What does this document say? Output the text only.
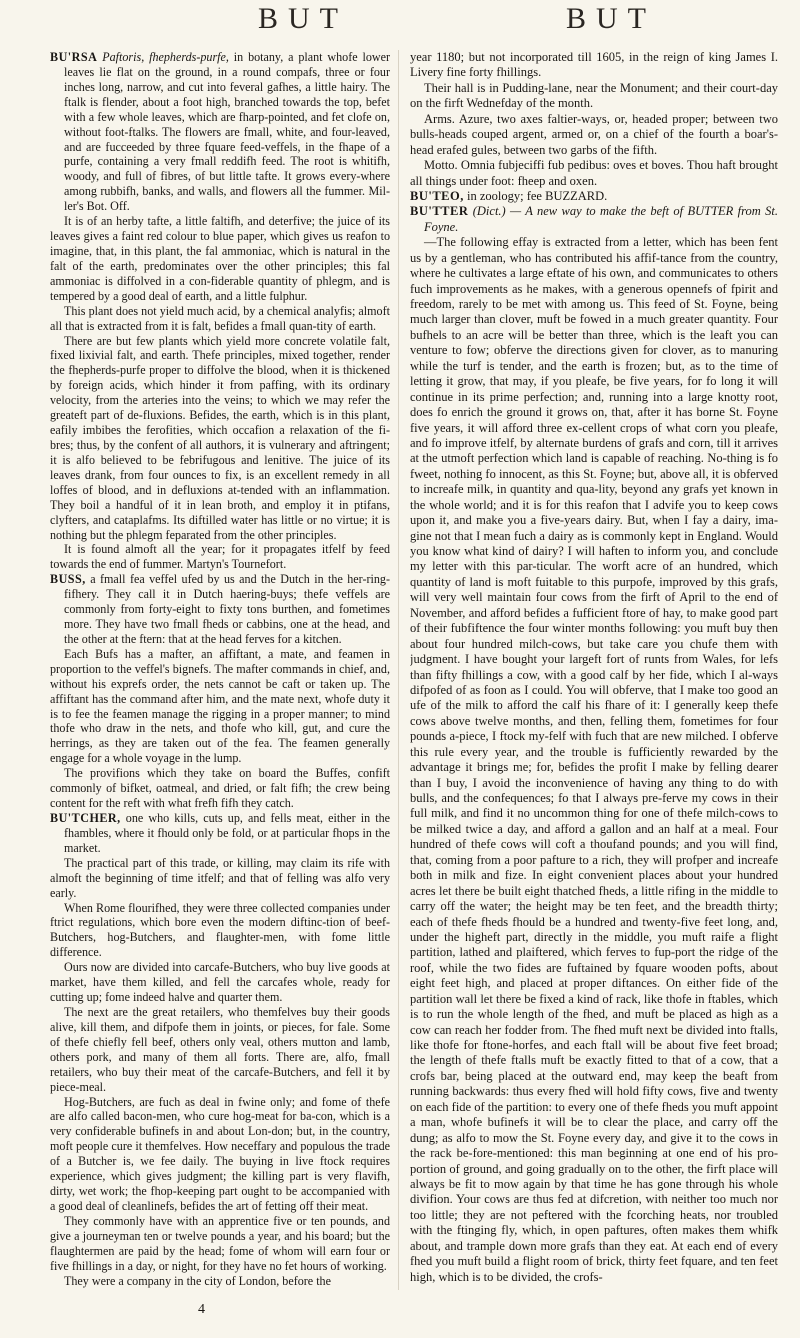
BUT	BUT

BU'RSA Paftoris, fhepherds-purfe, in botany, a plant whofe lower leaves lie flat on the ground, in a round compafs, three or four inches long, narrow, and cut into feveral gafhes, a little hairy. The ftalk is flender, about a foot high, branched towards the top, befet with a few whole leaves, which are fharp-pointed, and fet clofe on, without foot-ftalks. The flowers are fmall, white, and four-leaved, and are fucceeded by three fquare feed-veffels, in the fhape of a purfe, containing a very fmall reddifh feed. The root is whitifh, woody, and full of fibres, of but little tafte. It grows every-where among rubbifh, banks, and walls, and flowers all the fummer. Mil-ler's Bot. Off.

It is of an herby tafte, a little faltifh, and deterfive; the juice of its leaves gives a faint red colour to blue paper, which gives us reafon to imagine, that, in this plant, the fal ammoniac, which is natural in the falt of the earth, predominates over the other principles; this fal ammoniac is diffolved in a con-fiderable quantity of phlegm, and is tempered by a good deal of earth, and a little fulphur.

This plant does not yield much acid, by a chemical analyfis; almoft all that is extracted from it is falt, befides a fmall quan-tity of earth.

There are but few plants which yield more concrete volatile falt, fixed lixivial falt, and earth. Thefe principles, mixed together, render the fhepherds-purfe proper to diffolve the blood, when it is thickened by foreign acids, which hinder it from paffing, with its ordinary velocity, from the arteries into the veins; to which we may refer the greateft part of de-fluxions. Befides, the earth, which is in this plant, eafily imbibes the ferofities, which occafion a relaxation of the fi-bres; thus, by the confent of all authors, it is vulnerary and aftringent; it is alfo believed to be febrifugous and lenitive. The juice of its leaves drank, from four ounces to fix, is an excellent remedy in all loffes of blood, and in defluxions at-tended with an inflammation. They boil a handful of it in lean broth, and employ it in ptifans, clyfters, and cataplafms. Its diftilled water has little or no virtue; it is nothing but the phlegm feparated from the other principles.

It is found almoft all the year; for it propagates itfelf by feed towards the end of fummer. Martyn's Tournefort.

BUSS, a fmall fea veffel ufed by us and the Dutch in the her-ring-fifhery. They call it in Dutch haering-buys; thefe veffels are commonly from forty-eight to fixty tons burthen, and fometimes more. They have two fmall fheds or cabbins, one at the head, and the other at the ftern: that at the head ferves for a kitchen.

Each Bufs has a mafter, an affiftant, a mate, and feamen in proportion to the veffel's bignefs. The mafter commands in chief, and, without his exprefs order, the nets cannot be caft or taken up. The affiftant has the command after him, and the mate next, whofe duty it is to fee the feamen manage the rigging in a proper manner; to mind thofe who draw in the nets, and thofe who kill, gut, and cure the herrings, as they are taken out of the fea. The feamen generally engage for a whole voyage in the lump.

The provifions which they take on board the Buffes, confift commonly of bifket, oatmeal, and dried, or falt fifh; the crew being content for the reft with what frefh fifh they catch.

BU'TCHER, one who kills, cuts up, and fells meat, either in the fhambles, where it fhould only be fold, or at particular fhops in the market.

The practical part of this trade, or killing, may claim its rife with almoft the beginning of time itfelf; and that of felling was alfo very early.

When Rome flourifhed, they were three collected companies under ftrict regulations, which bore even the modern diftinc-tion of beef-Butchers, hog-Butchers, and flaughter-men, with fome little difference.

Ours now are divided into carcafe-Butchers, who buy live goods at market, have them killed, and fell the carcafes whole, ready for cutting up; fome indeed halve and quarter them.

The next are the great retailers, who themfelves buy their goods alive, kill them, and difpofe them in joints, or pieces, for fale. Some of thefe chiefly fell beef, others only veal, others mutton and lamb, others pork, and many of them all forts. There are, alfo, fmall retailers, who buy their meat of the carcafe-Butchers, and fell it by piece-meal.

Hog-Butchers, are fuch as deal in fwine only; and fome of thefe are alfo called bacon-men, who cure hog-meat for ba-con, which is a very confiderable bufinefs in and about Lon-don; but, in the country, moft people cure it themfelves. How neceffary and populous the trade of a Butcher is, we fee daily. The buying in live ftock requires experience, which gives judgment; the killing part is very flavifh, dirty, wet work; the fhop-keeping part ought to be accompanied with a good deal of cleanlinefs, befides the art of fetting off their meat.

They commonly have with an apprentice five or ten pounds, and give a journeyman ten or twelve pounds a year, and his board; but the flaughtermen are paid by the head; fome of whom will earn four or five fhillings in a day, or night, for they have no fet hours of working.

They were a company in the city of London, before the

year 1180; but not incorporated till 1605, in the reign of king James I. Livery fine forty fhillings.

Their hall is in Pudding-lane, near the Monument; and their court-day on the firft Wednefday of the month.

Arms. Azure, two axes faltier-ways, or, headed proper; between two bulls-heads couped argent, armed or, on a chief of the fourth a boar's-head erafed gules, between two garbs of the fifth.

Motto. Omnia fubjeciffi fub pedibus: oves et boves. Thou haft brought all things under foot: fheep and oxen.

BU'TEO, in zoology; fee BUZZARD.

BU'TTER (Dict.) — A new way to make the beft of BUTTER from St. Foyne.

—The following effay is extracted from a letter, which has been fent us by a gentleman, who has contributed his affif-tance from the country, where he cultivates a large eftate of his own, and communicates to others fuch improvements as he makes, with a generous opennefs of fpirit and freedom, rarely to be met with among us. This feed of St. Foyne, being much larger than clover, muft be fowed in a much greater quantity. Four bufhels to an acre will be better than three, which is the leaft you can venture to fow; obferve the directions given for clover, as to manuring while the turf is tender, and the earth is frozen; but, as to the time of letting it grow, that may, if you pleafe, be five years, for fo long it will continue in its prime perfection; and, running into a large knotty root, does fo enrich the ground it grows on, that, after it has borne St. Foyne five years, it will afford three ex-cellent crops of what corn you pleafe, and fo improve itfelf, by alternate burdens of grafs and corn, till it arrives at the utmoft perfection which land is capable of reaching. No-thing is fo fweet, nothing fo innocent, as this St. Foyne; but, above all, it is obferved to increafe milk, in quantity and qua-lity, beyond any grafs yet known in the whole world; and it is for this reafon that I advife you to keep cows upon it, and make you a five-years dairy. But, when I fay a dairy, ima-gine not that I mean fuch a dairy as is commonly kept in England. Would you know what kind of dairy? I will haften to inform you, and conclude my letter with this par-ticular. The worft acre of an hundred, which quantity of land is moft fuitable to this purpofe, improved by this grafs, will very well maintain four cows from the firft of April to the end of November, and afford befides a fufficient ftore of hay, to make good part of their fubfiftence the four winter months following: you muft buy then about four hundred milch-cows, but take care you chufe them with judgment. I have bought your largeft fort of runts from Wales, for lefs than fifty fhillings a cow, with a good calf by her fide, which I al-ways difpofed of as foon as I could. You will obferve, that I make too good an ufe of the milk to afford the calf his fhare of it: I generally keep thefe cows above twelve months, and then, felling them, fometimes for four pounds a-piece, I ftock my-felf with fuch that are new milched. I obferve this rule every year, and the trouble is fufficiently rewarded by the advantage it brings me; for, befides the profit I make by felling dearer than I buy, I avoid the inconvenience of having any thing to do with bulls, and the confequences; fo that I always pre-ferve my cows in their full milk, and find it no uncommon thing for one of thefe milch-cows to be milked twice a day, and afford a gallon and an half at a meal. Four hundred of thefe cows will coft a thoufand pounds; and you will find, that, coming from a poor pafture to a rich, they will profper and increafe both in milk and fize. In eight convenient places about your hundred acres let there be built eight thatched fheds, a little rifing in the middle to carry off the water; the height may be ten feet, and the breadth thirty; each of thefe fheds fhould be a hundred and twenty-five feet long, and, under the higheft part, directly in the middle, you muft raife a flight partition, lathed and plaiftered, which ferves to fup-port the ridge of the roof, while the two fides are fuftained by fquare wooden pofts, about eight feet high, and placed at proper diftances. On either fide of the partition wall let there be fixed a kind of rack, like thofe in ftables, which is to run the whole length of the fhed, and muft be placed as high as a cow can reach her fodder from. The fhed muft next be divided into ftalls, like thofe for ftone-horfes, and each ftall will be about five feet broad; the length of thefe ftalls muft be exactly fitted to that of a cow, that a crofs bar, being placed at the outward end, may keep the beaft from running backwards: thus every fhed will hold fifty cows, five and twenty on each fide of the partition: to every one of thefe fheds you muft appoint a man, whofe bufinefs it will be to clear the place, and carry off the dung; as alfo to mow the St. Foyne every day, and give it to the cows in the rack be-fore-mentioned: this man beginning at one end of his pro-portion of ground, and going gradually on to the other, the firft place will always be fit to mow again by that time he has gone through his whole divifion. Your cows are thus fed at difcretion, with neither too much nor too little; they are not peftered with the fcorching heats, nor troubled with the ftinging fly, which, in open paftures, often makes them whifk about, and trample down more grafs than they eat. At each end of every fhed you muft build a flight room of brick, thirty feet fquare, and ten feet high, which is to be divided, the crofs-

4
